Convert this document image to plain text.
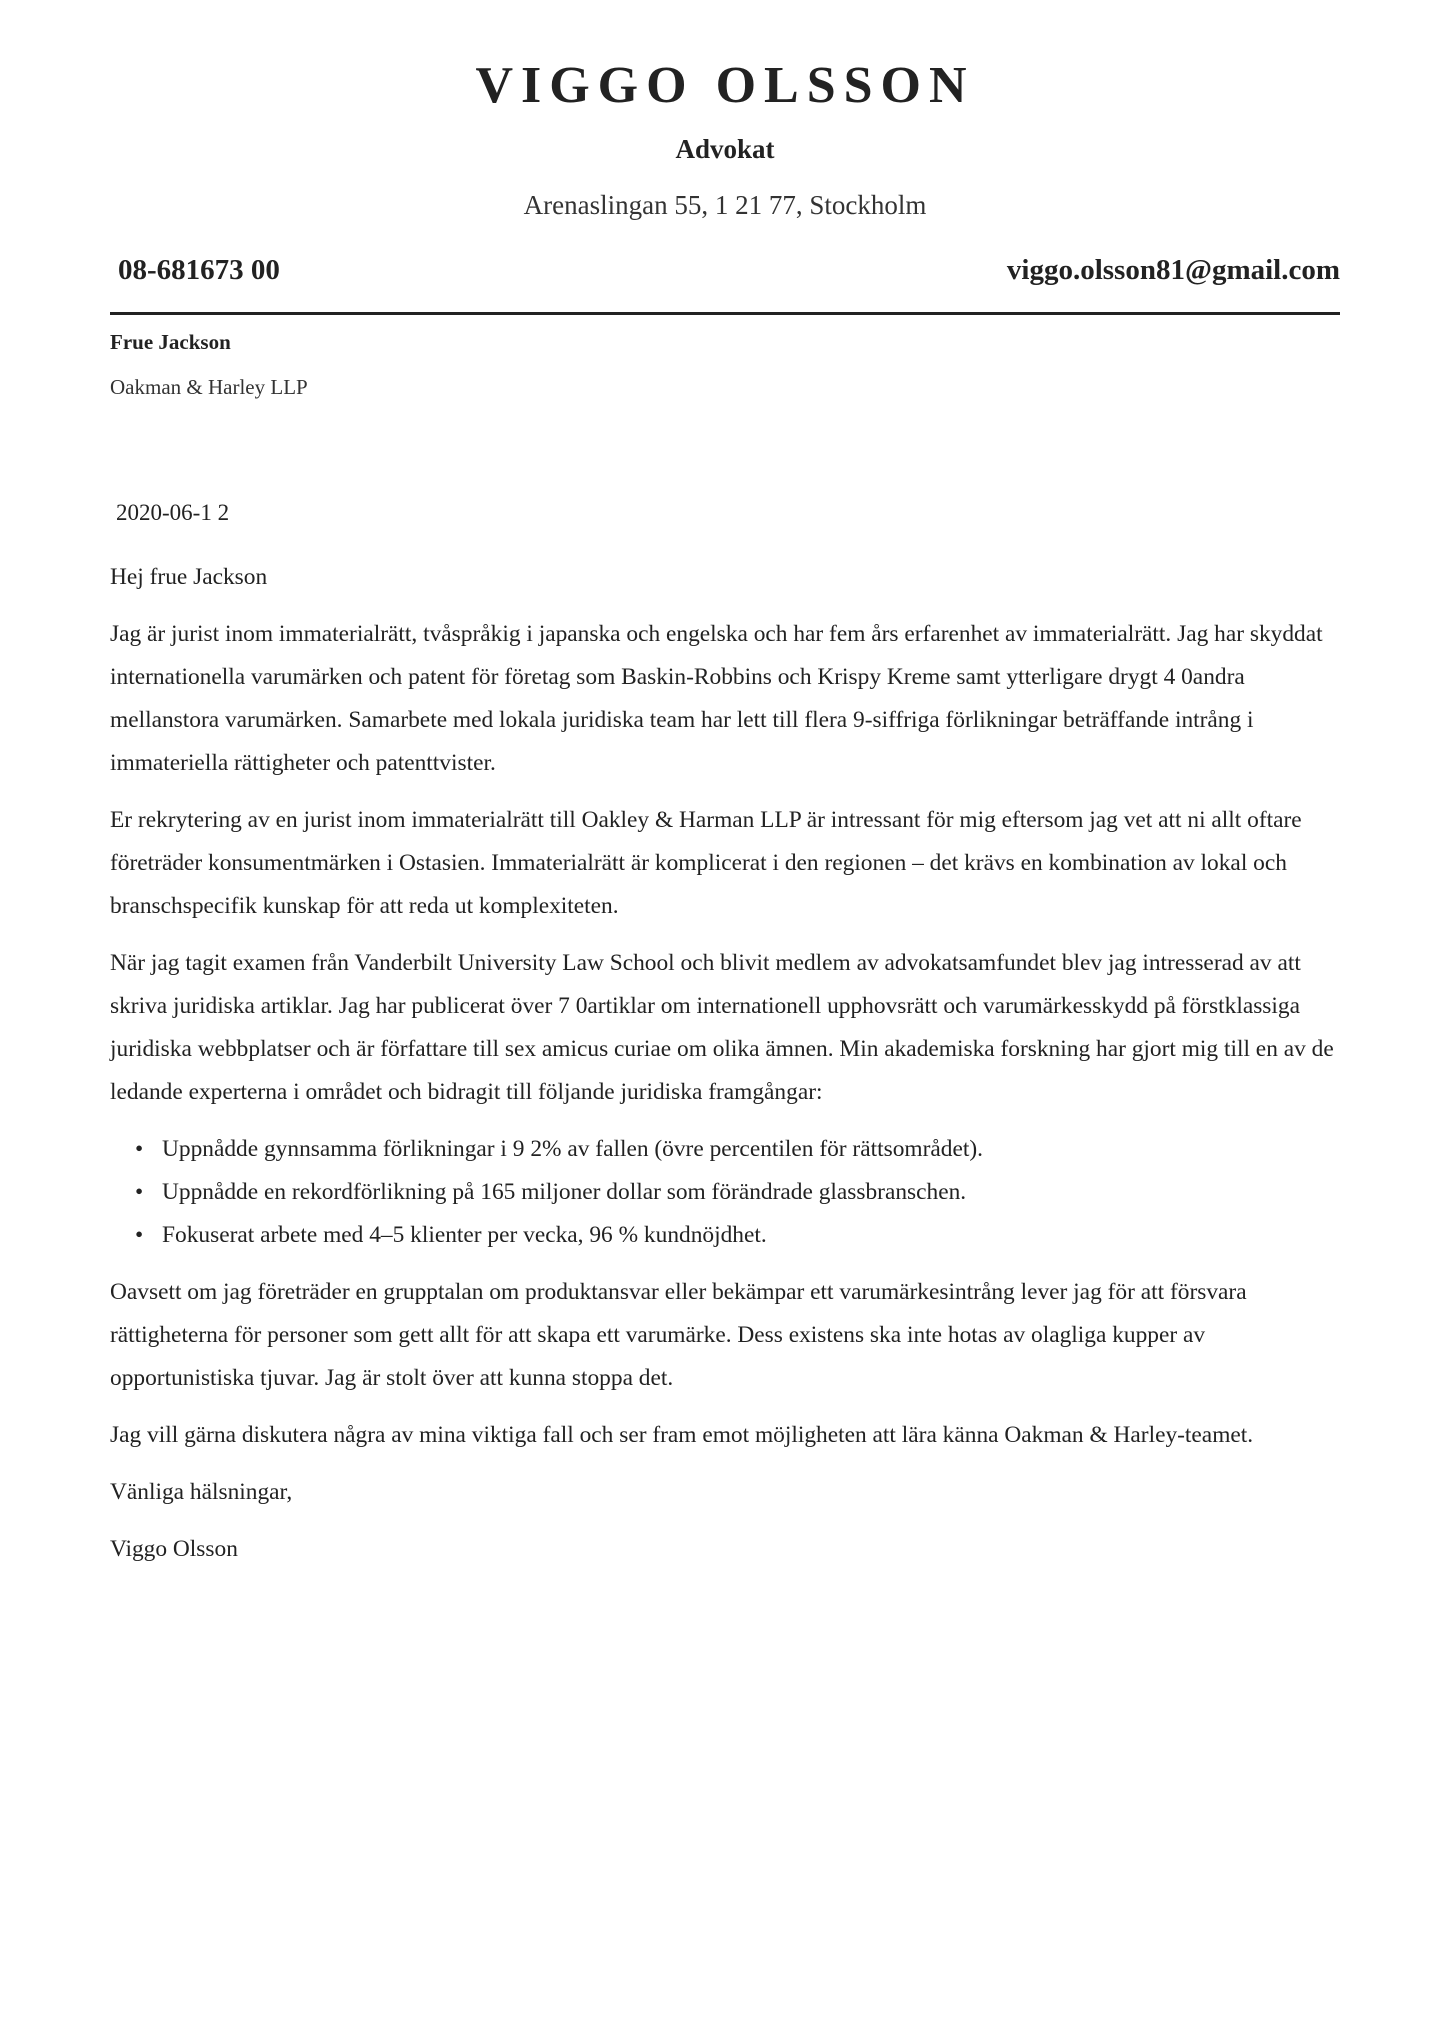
VIGGO OLSSON
Advokat
Arenaslingan 55, 1 21 77, Stockholm
08-681673 00	viggo.olsson81@gmail.com
Frue Jackson
Oakman & Harley LLP
2020-06-1 2

Hej frue Jackson

Jag är jurist inom immaterialrätt, tvåspråkig i japanska och engelska och har fem års erfarenhet av immaterialrätt. Jag har skyddat internationella varumärken och patent för företag som Baskin-Robbins och Krispy Kreme samt ytterligare drygt 4 0andra mellanstora varumärken. Samarbete med lokala juridiska team har lett till flera 9-siffriga förlikningar beträffande intrång i immateriella rättigheter och patenttvister.

Er rekrytering av en jurist inom immaterialrätt till Oakley & Harman LLP är intressant för mig eftersom jag vet att ni allt oftare företräder konsumentmärken i Ostasien. Immaterialrätt är komplicerat i den regionen – det krävs en kombination av lokal och branschspecifik kunskap för att reda ut komplexiteten.

När jag tagit examen från Vanderbilt University Law School och blivit medlem av advokatsamfundet blev jag intresserad av att skriva juridiska artiklar. Jag har publicerat över 7 0artiklar om internationell upphovsrätt och varumärkesskydd på förstklassiga juridiska webbplatser och är författare till sex amicus curiae om olika ämnen. Min akademiska forskning har gjort mig till en av de ledande experterna i området och bidragit till följande juridiska framgångar:

• Uppnådde gynnsamma förlikningar i 9 2% av fallen (övre percentilen för rättsområdet).
• Uppnådde en rekordförlikning på 165 miljoner dollar som förändrade glassbranschen.
• Fokuserat arbete med 4–5 klienter per vecka, 96 % kundnöjdhet.

Oavsett om jag företräder en grupptalan om produktansvar eller bekämpar ett varumärkesintrång lever jag för att försvara rättigheterna för personer som gett allt för att skapa ett varumärke. Dess existens ska inte hotas av olagliga kupper av opportunistiska tjuvar. Jag är stolt över att kunna stoppa det.

Jag vill gärna diskutera några av mina viktiga fall och ser fram emot möjligheten att lära känna Oakman & Harley-teamet.

Vänliga hälsningar,

Viggo Olsson
